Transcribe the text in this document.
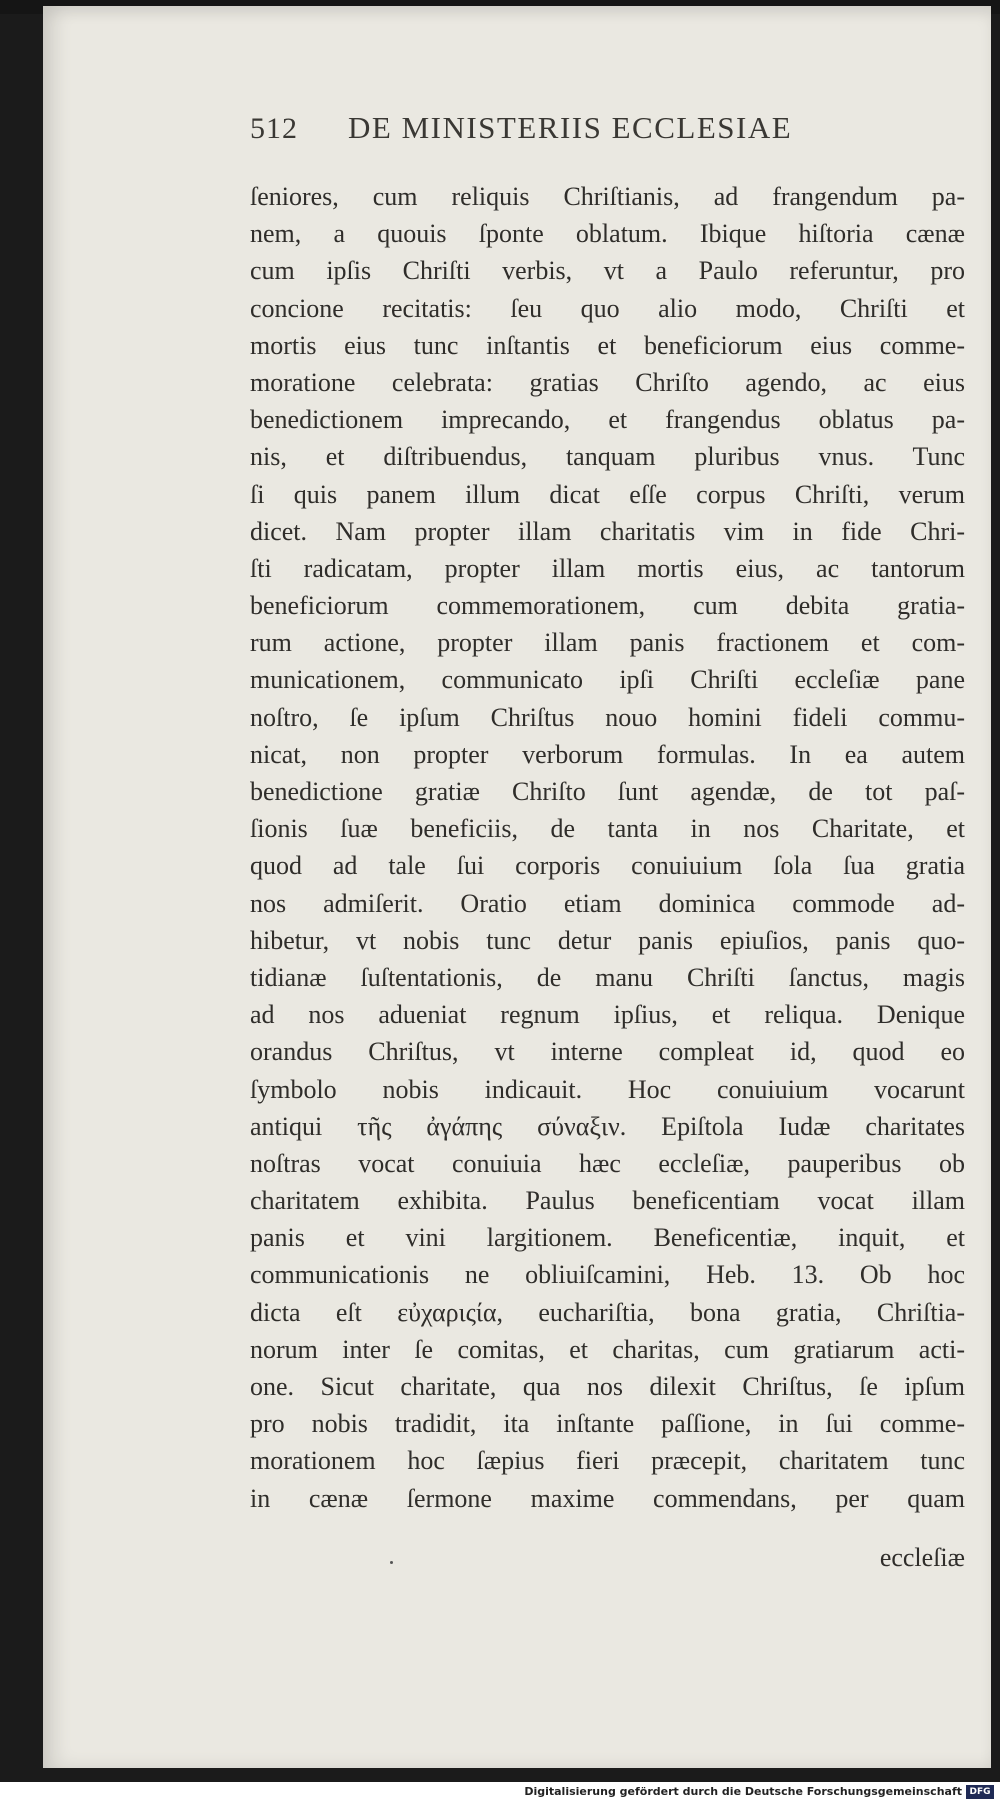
512	DE MINISTERIIS ECCLESIAE
ſeniores, cum reliquis Chriſtianis, ad frangendum pa-
nem, a quouis ſponte oblatum. Ibique hiſtoria cænæ
cum ipſis Chriſti verbis, vt a Paulo referuntur, pro
concione recitatis: ſeu quo alio modo, Chriſti et
mortis eius tunc inſtantis et beneficiorum eius comme-
moratione celebrata: gratias Chriſto agendo, ac eius
benedictionem imprecando, et frangendus oblatus pa-
nis, et diſtribuendus, tanquam pluribus vnus. Tunc
ſi quis panem illum dicat eſſe corpus Chriſti, verum
dicet. Nam propter illam charitatis vim in fide Chri-
ſti radicatam, propter illam mortis eius, ac tantorum
beneficiorum commemorationem, cum debita gratia-
rum actione, propter illam panis fractionem et com-
municationem, communicato ipſi Chriſti eccleſiæ pane
noſtro, ſe ipſum Chriſtus nouo homini fideli commu-
nicat, non propter verborum formulas. In ea autem
benedictione gratiæ Chriſto ſunt agendæ, de tot paſ-
ſionis ſuæ beneficiis, de tanta in nos Charitate, et
quod ad tale ſui corporis conuiuium ſola ſua gratia
nos admiſerit. Oratio etiam dominica commode ad-
hibetur, vt nobis tunc detur panis epiuſios, panis quo-
tidianæ ſuſtentationis, de manu Chriſti ſanctus, magis
ad nos adueniat regnum ipſius, et reliqua. Denique
orandus Chriſtus, vt interne compleat id, quod eo
ſymbolo nobis indicauit. Hoc conuiuium vocarunt
antiqui τῆς ἀγάπης σύναξιν. Epiſtola Iudæ charitates
noſtras vocat conuiuia hæc eccleſiæ, pauperibus ob
charitatem exhibita. Paulus beneficentiam vocat illam
panis et vini largitionem. Beneficentiæ, inquit, et
communicationis ne obliuiſcamini, Heb. 13. Ob hoc
dicta eſt εὐχαριςία, euchariſtia, bona gratia, Chriſtia-
norum inter ſe comitas, et charitas, cum gratiarum acti-
one. Sicut charitate, qua nos dilexit Chriſtus, ſe ipſum
pro nobis tradidit, ita inſtante paſſione, in ſui comme-
morationem hoc ſæpius fieri præcepit, charitatem tunc
in cænæ ſermone maxime commendans, per quam
eccleſiæ
Digitalisierung gefördert durch die Deutsche Forschungsgemeinschaft DFG
